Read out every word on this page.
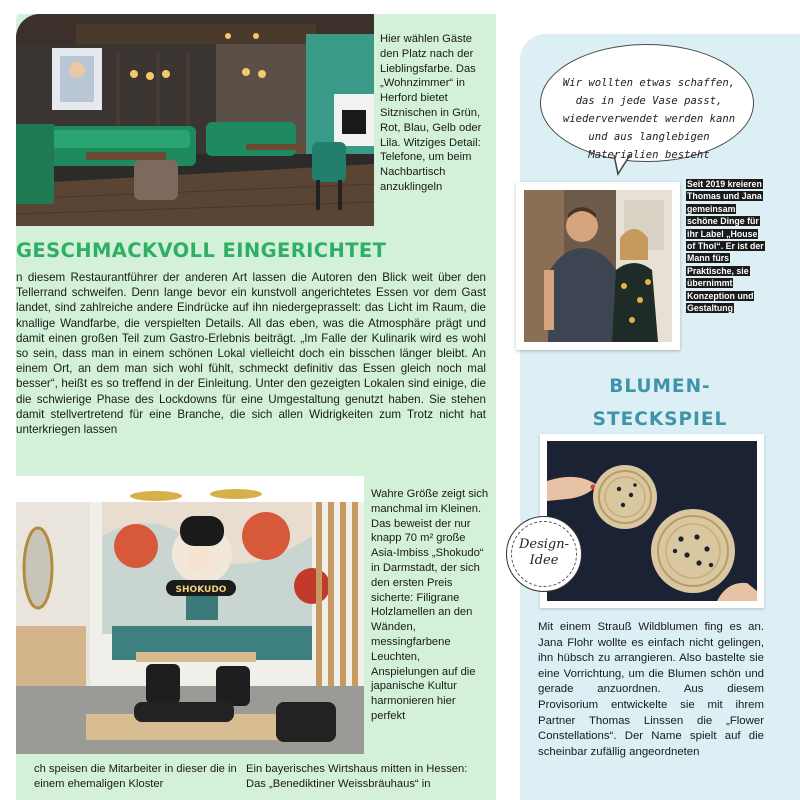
Hier wählen Gäste den Platz nach der Lieblingsfarbe. Das „Wohnzimmer“ in Herford bietet Sitznischen in Grün, Rot, Blau, Gelb oder Lila. Witziges Detail: Telefone, um beim Nachbartisch anzuklingeln
GESCHMACKVOLL EINGERICHTET

n diesem Restaurantführer der anderen Art lassen die Autoren den Blick weit über den Tellerrand schweifen. Denn lange bevor ein kunstvoll angerichtetes Essen vor dem Gast landet, sind zahlreiche andere Eindrücke auf ihn niedergeprasselt: das Licht im Raum, die knallige Wandfarbe, die verspielten Details. All das eben, was die Atmosphäre prägt und damit einen großen Teil zum Gastro-Erlebnis beiträgt. „Im Falle der Kulinarik wird es wohl so sein, dass man in einem schönen Lokal vielleicht doch ein bisschen länger bleibt. An einem Ort, an dem man sich wohl fühlt, schmeckt definitiv das Essen gleich noch mal besser“, heißt es so treffend in der Einleitung. Unter den gezeigten Lokalen sind einige, die die schwierige Phase des Lockdowns für eine Umgestaltung genutzt haben. Sie stehen damit stellvertretend für eine Branche, die sich allen Widrigkeiten zum Trotz nicht hat unterkriegen lassen

SHOKUDO
Wahre Größe zeigt sich manchmal im Kleinen. Das beweist der nur knapp 70 m² große Asia-Imbiss „Shokudo“ in Darmstadt, der sich den ersten Preis sicherte: Filigrane Holzlamellen an den Wänden, messingfarbene Leuchten, Anspielungen auf die japanische Kultur harmonieren hier perfekt
ch speisen die Mitarbeiter in dieser die in einem ehemaligen Kloster
Ein bayerisches Wirtshaus mitten in Hessen: Das „Benediktiner Weissbräuhaus“ in
Wir wollten etwas schaffen, das in jede Vase passt, wiederverwendet werden kann und aus langlebigen Materialien besteht
Seit 2019 kreieren Thomas und Jana gemeinsam schöne Dinge für ihr Label „House of Thol“. Er ist der Mann fürs Praktische, sie übernimmt Konzeption und Gestaltung
BLUMEN-
STECKSPIEL
Design-
Idee
Mit einem Strauß Wildblumen fing es an. Jana Flohr wollte es einfach nicht gelingen, ihn hübsch zu arrangieren. Also bastelte sie eine Vorrichtung, um die Blumen schön und gerade anzuordnen. Aus diesem Provisorium entwickelte sie mit ihrem Partner Thomas Linssen die „Flower Constellations“. Der Name spielt auf die scheinbar zufällig angeordneten
